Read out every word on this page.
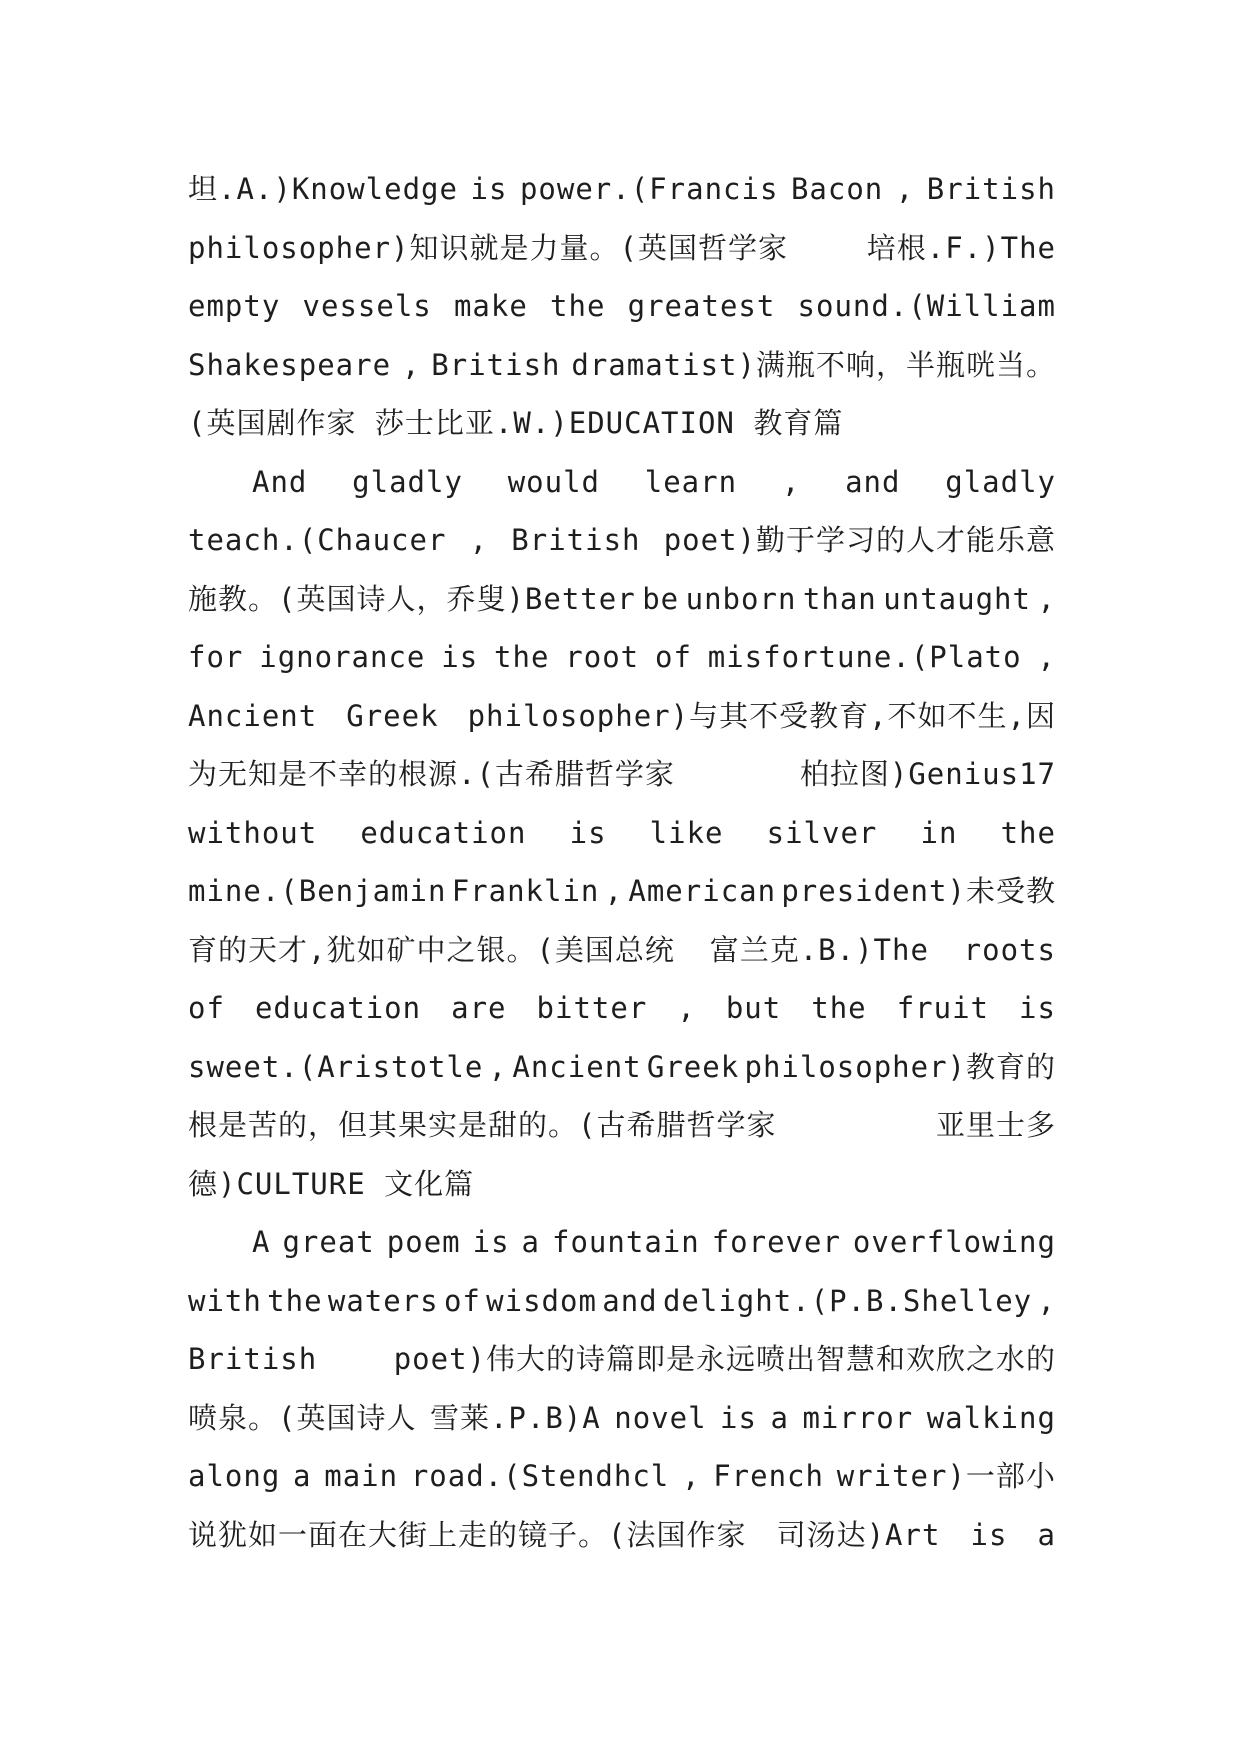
坦.A.)Knowledge is power.(Francis Bacon , British
philosopher)知识就是力量。(英国哲学家	培根.F.)The
empty vessels make the greatest sound.(William
Shakespeare , British dramatist)满瓶不响，半瓶咣当。
(英国剧作家 莎士比亚.W.)EDUCATION 教育篇
And gladly would learn , and gladly
teach.(Chaucer , British poet)勤于学习的人才能乐意
施教。(英国诗人，乔叟)Better be unborn than untaught ,
for ignorance is the root of misfortune.(Plato ,
Ancient Greek philosopher)与其不受教育,不如不生,因
为无知是不幸的根源.(古希腊哲学家	柏拉图)Genius17
without education is like silver in the
mine.(Benjamin Franklin , American president)未受教
育的天才,犹如矿中之银。(美国总统 富兰克.B.)The roots
of education are bitter , but the fruit is
sweet.(Aristotle , Ancient Greek philosopher)教育的
根是苦的，但其果实是甜的。(古希腊哲学家	亚里士多
德)CULTURE 文化篇
A great poem is a fountain forever overflowing
with the waters of wisdom and delight.(P.B.Shelley ,
British	poet)伟大的诗篇即是永远喷出智慧和欢欣之水的
喷泉。(英国诗人 雪莱.P.B)A novel is a mirror walking
along a main road.(Stendhcl , French writer)一部小
说犹如一面在大街上走的镜子。(法国作家 司汤达)Art is a
